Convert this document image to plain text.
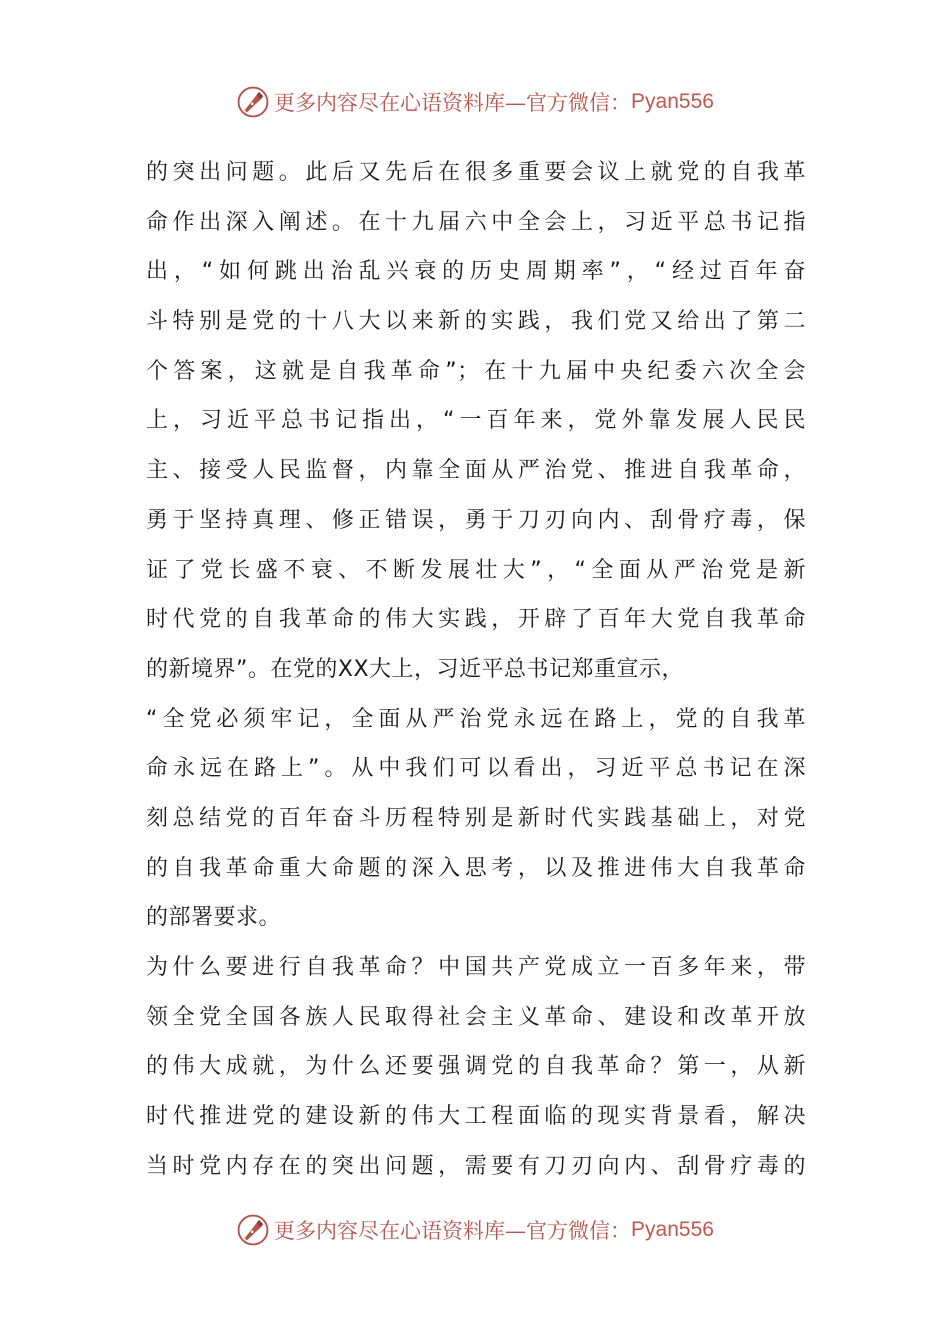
更多内容尽在心语资料库—官方微信： Pyan556
的突出问题。此后又先后在很多重要会议上就党的自我革
命作出深入阐述。在十九届六中全会上，习近平总书记指
出，“如何跳出治乱兴衰的历史周期率”，“经过百年奋
斗特别是党的十八大以来新的实践，我们党又给出了第二
个答案，这就是自我革命”；在十九届中央纪委六次全会
上，习近平总书记指出，“一百年来，党外靠发展人民民
主、接受人民监督，内靠全面从严治党、推进自我革命，
勇于坚持真理、修正错误，勇于刀刃向内、刮骨疗毒，保
证了党长盛不衰、不断发展壮大”，“全面从严治党是新
时代党的自我革命的伟大实践，开辟了百年大党自我革命
的新境界”。在党的XX大上，习近平总书记郑重宣示，
“全党必须牢记，全面从严治党永远在路上，党的自我革
命永远在路上”。从中我们可以看出，习近平总书记在深
刻总结党的百年奋斗历程特别是新时代实践基础上，对党
的自我革命重大命题的深入思考，以及推进伟大自我革命
的部署要求。
为什么要进行自我革命？中国共产党成立一百多年来，带
领全党全国各族人民取得社会主义革命、建设和改革开放
的伟大成就，为什么还要强调党的自我革命？第一，从新
时代推进党的建设新的伟大工程面临的现实背景看，解决
当时党内存在的突出问题，需要有刀刃向内、刮骨疗毒的
更多内容尽在心语资料库—官方微信： Pyan556
